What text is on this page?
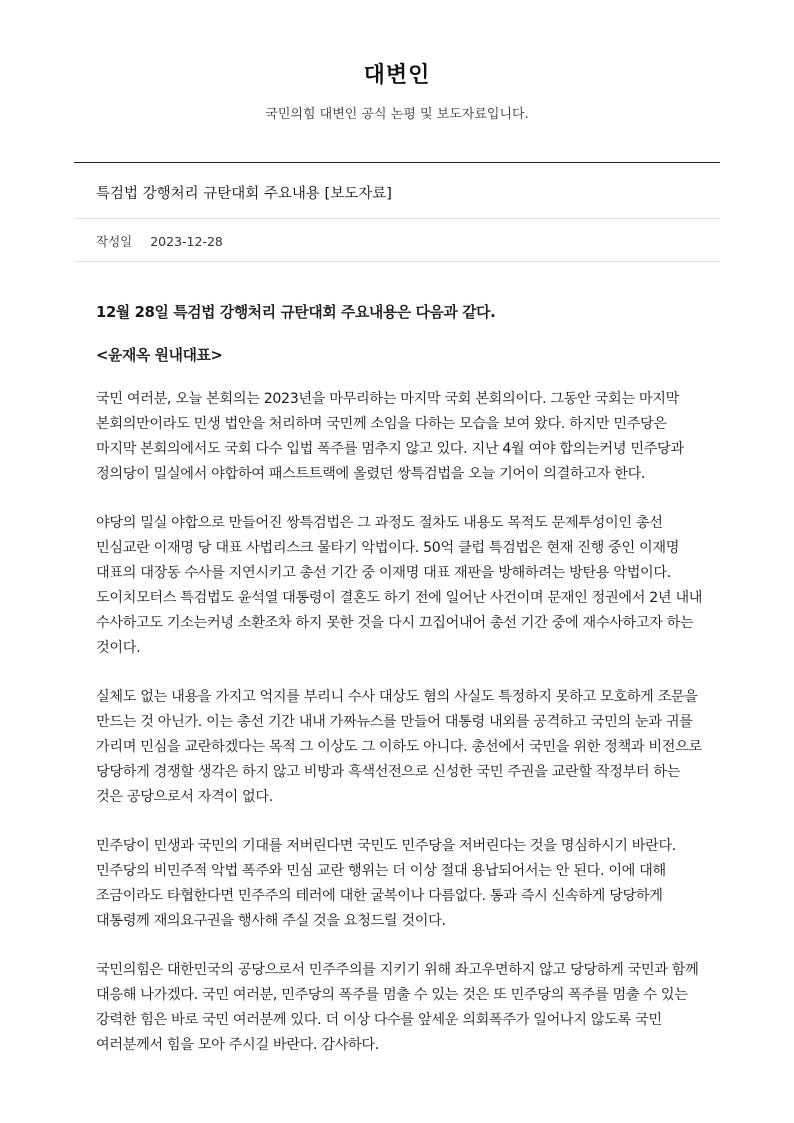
대변인
국민의힘 대변인 공식 논평 및 보도자료입니다.
특검법 강행처리 규탄대회 주요내용 [보도자료]
작성일 2023-12-28

12월 28일 특검법 강행처리 규탄대회 주요내용은 다음과 같다.

<윤재옥 원내대표>

국민 여러분, 오늘 본회의는 2023년을 마무리하는 마지막 국회 본회의이다. 그동안 국회는 마지막 본회의만이라도 민생 법안을 처리하며 국민께 소임을 다하는 모습을 보여 왔다. 하지만 민주당은 마지막 본회의에서도 국회 다수 입법 폭주를 멈추지 않고 있다. 지난 4월 여야 합의는커녕 민주당과 정의당이 밀실에서 야합하여 패스트트랙에 올렸던 쌍특검법을 오늘 기어이 의결하고자 한다.

야당의 밀실 야합으로 만들어진 쌍특검법은 그 과정도 절차도 내용도 목적도 문제투성이인 총선 민심교란 이재명 당 대표 사법리스크 물타기 악법이다. 50억 클럽 특검법은 현재 진행 중인 이재명 대표의 대장동 수사를 지연시키고 총선 기간 중 이재명 대표 재판을 방해하려는 방탄용 악법이다. 도이치모터스 특검법도 윤석열 대통령이 결혼도 하기 전에 일어난 사건이며 문재인 정권에서 2년 내내 수사하고도 기소는커녕 소환조차 하지 못한 것을 다시 끄집어내어 총선 기간 중에 재수사하고자 하는 것이다.

실체도 없는 내용을 가지고 억지를 부리니 수사 대상도 혐의 사실도 특정하지 못하고 모호하게 조문을 만드는 것 아닌가. 이는 총선 기간 내내 가짜뉴스를 만들어 대통령 내외를 공격하고 국민의 눈과 귀를 가리며 민심을 교란하겠다는 목적 그 이상도 그 이하도 아니다. 총선에서 국민을 위한 정책과 비전으로 당당하게 경쟁할 생각은 하지 않고 비방과 흑색선전으로 신성한 국민 주권을 교란할 작정부터 하는 것은 공당으로서 자격이 없다.

민주당이 민생과 국민의 기대를 저버린다면 국민도 민주당을 저버린다는 것을 명심하시기 바란다. 민주당의 비민주적 악법 폭주와 민심 교란 행위는 더 이상 절대 용납되어서는 안 된다. 이에 대해 조금이라도 타협한다면 민주주의 테러에 대한 굴복이나 다름없다. 통과 즉시 신속하게 당당하게 대통령께 재의요구권을 행사해 주실 것을 요청드릴 것이다.

국민의힘은 대한민국의 공당으로서 민주주의를 지키기 위해 좌고우면하지 않고 당당하게 국민과 함께 대응해 나가겠다. 국민 여러분, 민주당의 폭주를 멈출 수 있는 것은 또 민주당의 폭주를 멈출 수 있는 강력한 힘은 바로 국민 여러분께 있다. 더 이상 다수를 앞세운 의회폭주가 일어나지 않도록 국민 여러분께서 힘을 모아 주시길 바란다. 감사하다.
